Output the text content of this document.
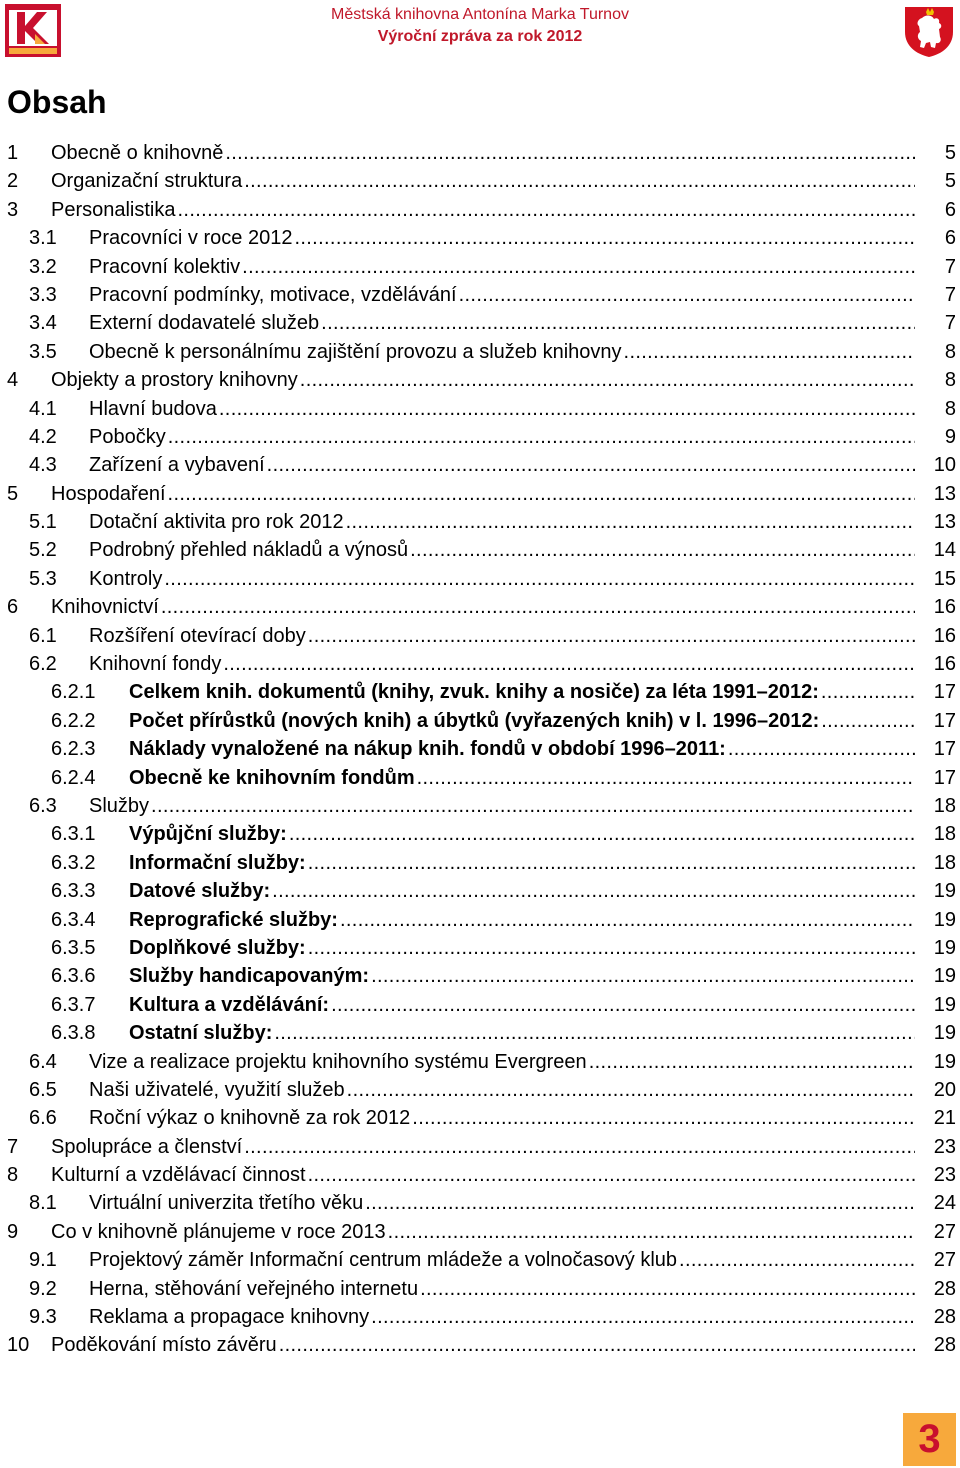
Městská knihovna Antonína Marka Turnov
Výroční zpráva za rok 2012
Obsah
1 Obecně o knihovně . . .	5
2 Organizační struktura . . .	5
3 Personalistika . . .	6
3.1 Pracovníci v roce 2012 . . .	6
3.2 Pracovní kolektiv . . .	7
3.3 Pracovní podmínky, motivace, vzdělávání . . .	7
3.4 Externí dodavatelé služeb . . .	7
3.5 Obecně k personálnímu zajištění provozu a služeb knihovny . . .	8
4 Objekty a prostory knihovny . . .	8
4.1 Hlavní budova . . .	8
4.2 Pobočky . . .	9
4.3 Zařízení a vybavení . . .	10
5 Hospodaření . . .	13
5.1 Dotační aktivita pro rok 2012 . . .	13
5.2 Podrobný přehled nákladů a výnosů . . .	14
5.3 Kontroly . . .	15
6 Knihovnictví . . .	16
6.1 Rozšíření otevírací doby . . .	16
6.2 Knihovní fondy . . .	16
6.2.1 Celkem knih. dokumentů (knihy, zvuk. knihy a nosiče) za léta 1991–2012: . . .	17
6.2.2 Počet přírůstků (nových knih) a úbytků (vyřazených knih) v l. 1996–2012: . . .	17
6.2.3 Náklady vynaložené na nákup knih. fondů v období 1996–2011: . . .	17
6.2.4 Obecně ke knihovním fondům . . .	17
6.3 Služby . . .	18
6.3.1 Výpůjční služby: . . .	18
6.3.2 Informační služby: . . .	18
6.3.3 Datové služby: . . .	19
6.3.4 Reprografické služby: . . .	19
6.3.5 Doplňkové služby: . . .	19
6.3.6 Služby handicapovaným: . . .	19
6.3.7 Kultura a vzdělávání: . . .	19
6.3.8 Ostatní služby: . . .	19
6.4 Vize a realizace projektu knihovního systému Evergreen . . .	19
6.5 Naši uživatelé, využití služeb . . .	20
6.6 Roční výkaz o knihovně za rok 2012 . . .	21
7 Spolupráce a členství . . .	23
8 Kulturní a vzdělávací činnost . . .	23
8.1 Virtuální univerzita třetího věku . . .	24
9 Co v knihovně plánujeme v roce 2013 . . .	27
9.1 Projektový záměr Informační centrum mládeže a volnočasový klub . . .	27
9.2 Herna, stěhování veřejného internetu . . .	28
9.3 Reklama a propagace knihovny . . .	28
10 Poděkování místo závěru . . .	28
3
